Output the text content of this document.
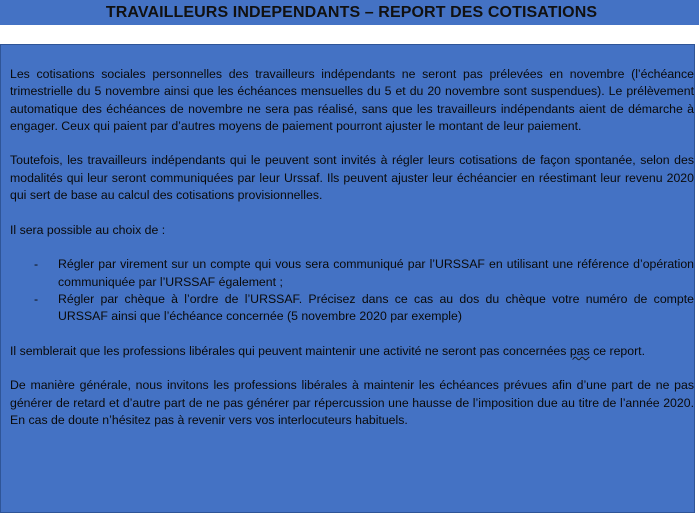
TRAVAILLEURS INDEPENDANTS – REPORT DES COTISATIONS

Les cotisations sociales personnelles des travailleurs indépendants ne seront pas prélevées en novembre (l’échéance trimestrielle du 5 novembre ainsi que les échéances mensuelles du 5 et du 20 novembre sont suspendues). Le prélèvement automatique des échéances de novembre ne sera pas réalisé, sans que les travailleurs indépendants aient de démarche à engager. Ceux qui paient par d’autres moyens de paiement pourront ajuster le montant de leur paiement.

Toutefois, les travailleurs indépendants qui le peuvent sont invités à régler leurs cotisations de façon spontanée, selon des modalités qui leur seront communiquées par leur Urssaf. Ils peuvent ajuster leur échéancier en réestimant leur revenu 2020 qui sert de base au calcul des cotisations provisionnelles.

Il sera possible au choix de :

- Régler par virement sur un compte qui vous sera communiqué par l’URSSAF en utilisant une référence d’opération communiquée par l’URSSAF également ;
- Régler par chèque à l’ordre de l’URSSAF. Précisez dans ce cas au dos du chèque votre numéro de compte URSSAF ainsi que l’échéance concernée (5 novembre 2020 par exemple)

Il semblerait que les professions libérales qui peuvent maintenir une activité ne seront pas concernées pas ce report.

De manière générale, nous invitons les professions libérales à maintenir les échéances prévues afin d’une part de ne pas générer de retard et d’autre part de ne pas générer par répercussion une hausse de l’imposition due au titre de l’année 2020. En cas de doute n’hésitez pas à revenir vers vos interlocuteurs habituels.
